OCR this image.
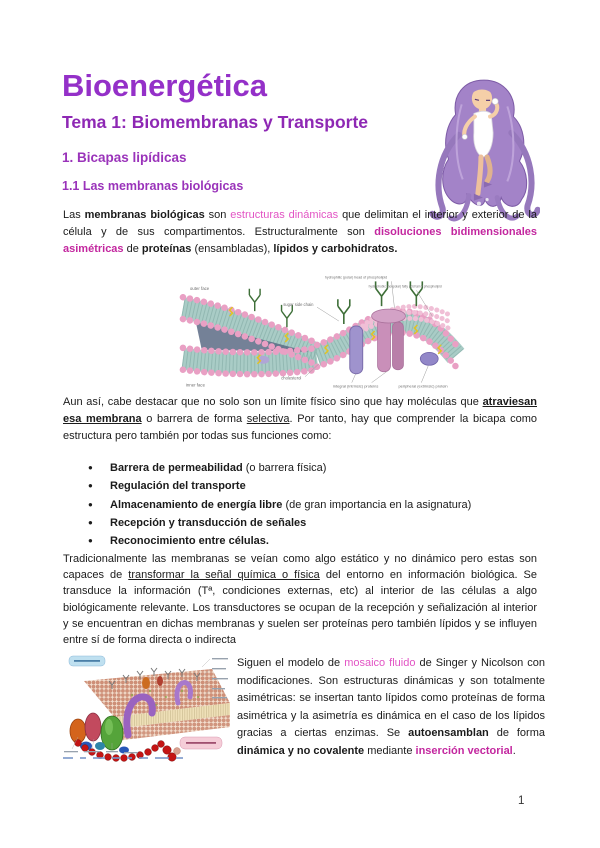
Bioenergética
Tema 1: Biomembranas y Transporte
1. Bicapas lipídicas
1.1 Las membranas biológicas

Las membranas biológicas son estructuras dinámicas que delimitan el interior y exterior de la célula y de sus compartimentos. Estructuralmente son disoluciones bidimensionales asimétricas de proteínas (ensambladas), lípidos y carbohidratos.

outer face
inner face
sugar side chain
hydrophilic (polar) head of phospholipid
hydrophobic (nonpolar) fatty acid tail of phospholipid
cholesterol
integral (intrinsic) proteins	peripheral (extrinsic) protein

Aun así, cabe destacar que no solo son un límite físico sino que hay moléculas que atraviesan esa membrana o barrera de forma selectiva. Por tanto, hay que comprender la bicapa como estructura pero también por todas sus funciones como:

● Barrera de permeabilidad (o barrera física)
● Regulación del transporte
● Almacenamiento de energía libre (de gran importancia en la asignatura)
● Recepción y transducción de señales
● Reconocimiento entre células.

Tradicionalmente las membranas se veían como algo estático y no dinámico pero estas son capaces de transformar la señal química o física del entorno en información biológica. Se transduce la información (Tª, condiciones externas, etc) al interior de las células a algo biológicamente relevante. Los transductores se ocupan de la recepción y señalización al interior y se encuentran en dichas membranas y suelen ser proteínas pero también lípidos y se influyen entre sí de forma directa o indirecta

Siguen el modelo de mosaico fluido de Singer y Nicolson con modificaciones. Son estructuras dinámicas y son totalmente asimétricas: se insertan tanto lípidos como proteínas de forma asimétrica y la asimetría es dinámica en el caso de los lípidos gracias a ciertas enzimas. Se autoensamblan de forma dinámica y no covalente mediante inserción vectorial.

1
